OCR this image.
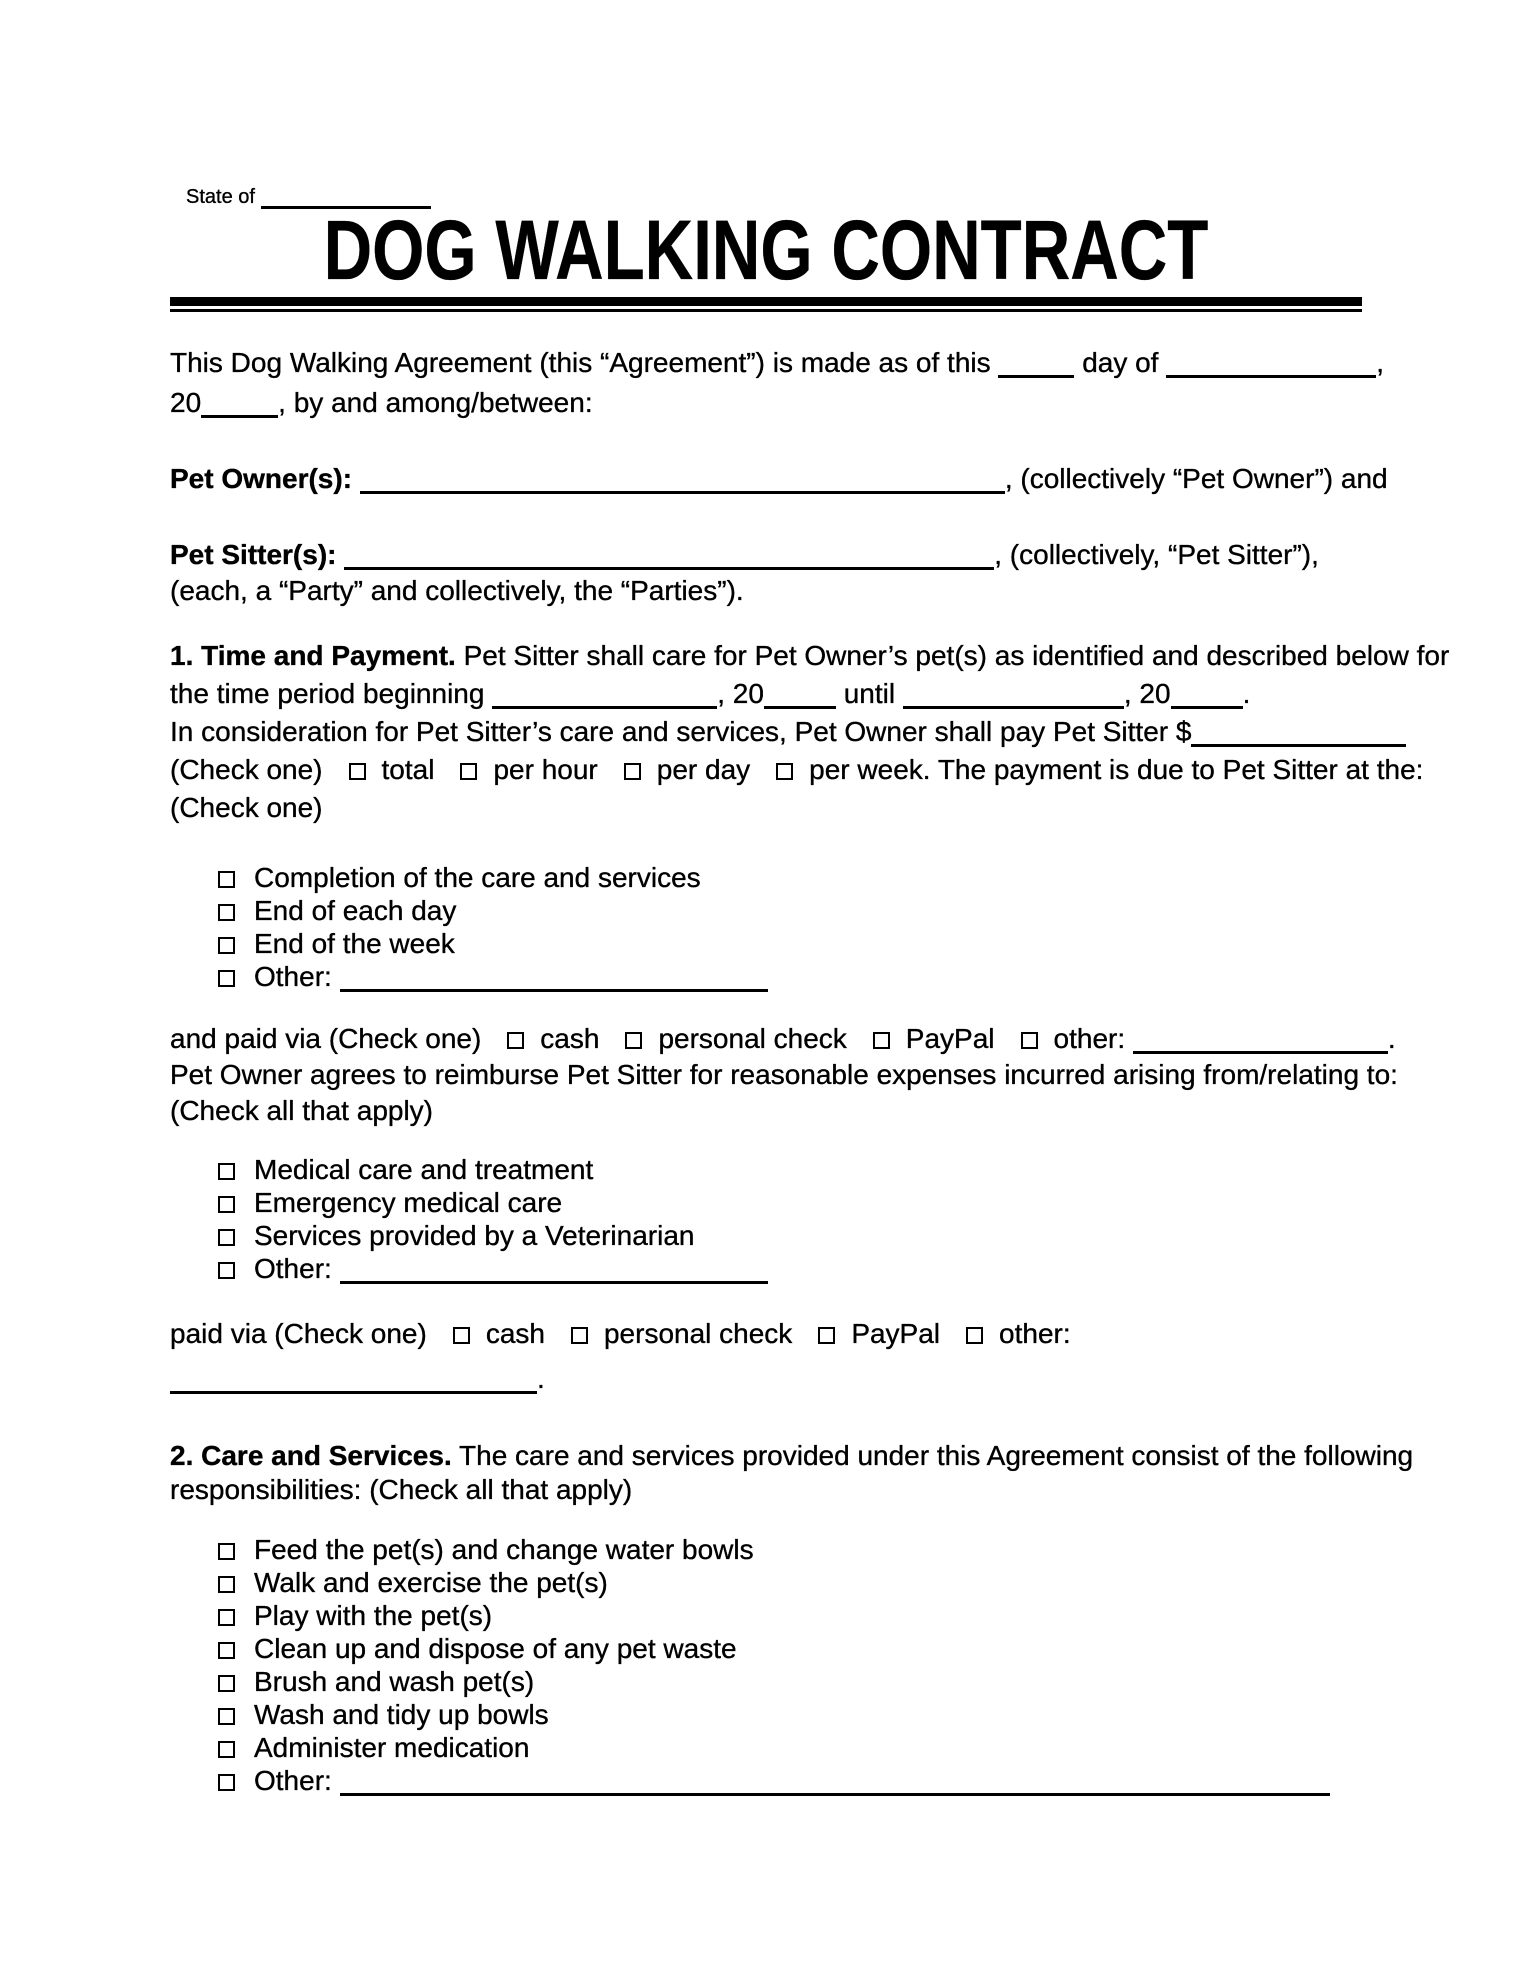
State of
DOG WALKING CONTRACT

This Dog Walking Agreement (this “Agreement”) is made as of this	day of	,
20	, by and among/between:

Pet Owner(s):	, (collectively “Pet Owner”) and

Pet Sitter(s):	, (collectively, “Pet Sitter”),
(each, a “Party” and collectively, the “Parties”).

1. Time and Payment. Pet Sitter shall care for Pet Owner’s pet(s) as identified and described below for
the time period beginning	, 20	until	, 20	.
In consideration for Pet Sitter’s care and services, Pet Owner shall pay Pet Sitter $
(Check one) total per hour per day per week. The payment is due to Pet Sitter at the:
(Check one)

Completion of the care and services
End of each day
End of the week
Other:

and paid via (Check one) cash personal check PayPal other:	.
Pet Owner agrees to reimburse Pet Sitter for reasonable expenses incurred arising from/relating to:
(Check all that apply)

Medical care and treatment
Emergency medical care
Services provided by a Veterinarian
Other:

paid via (Check one) cash personal check PayPal other:
.

2. Care and Services. The care and services provided under this Agreement consist of the following
responsibilities: (Check all that apply)

Feed the pet(s) and change water bowls
Walk and exercise the pet(s)
Play with the pet(s)
Clean up and dispose of any pet waste
Brush and wash pet(s)
Wash and tidy up bowls
Administer medication
Other:
